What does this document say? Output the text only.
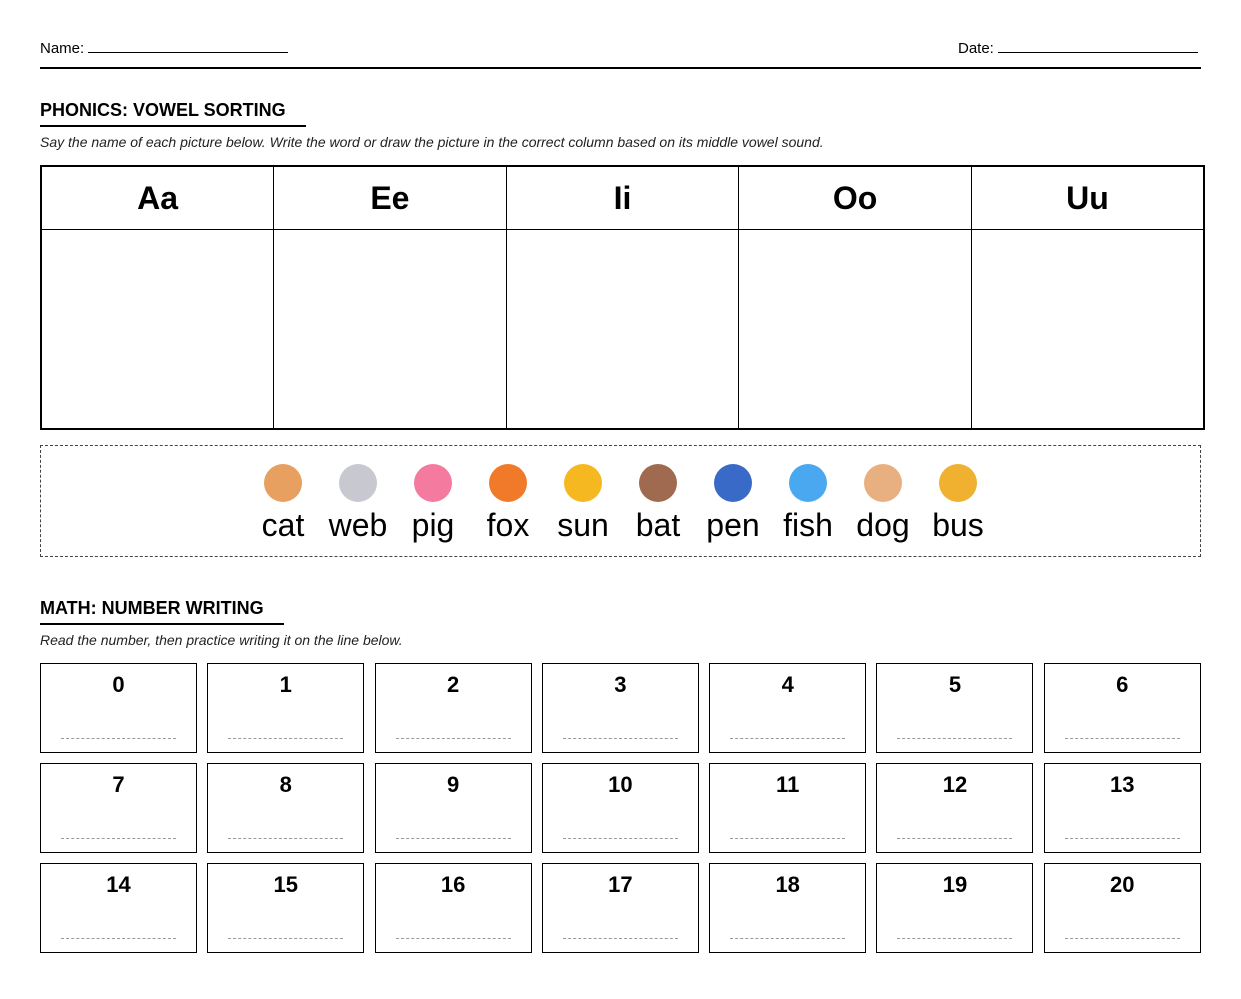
Name:	Date:
PHONICS: VOWEL SORTING
Say the name of each picture below. Write the word or draw the picture in the correct column based on its middle vowel sound.
Aa	Ee	Ii	Oo	Uu

cat web pig fox sun bat pen fish dog bus
MATH: NUMBER WRITING
Read the number, then practice writing it on the line below.
0	1	2	3	4	5	6
7	8	9	10	11	12	13
14	15	16	17	18	19	20
